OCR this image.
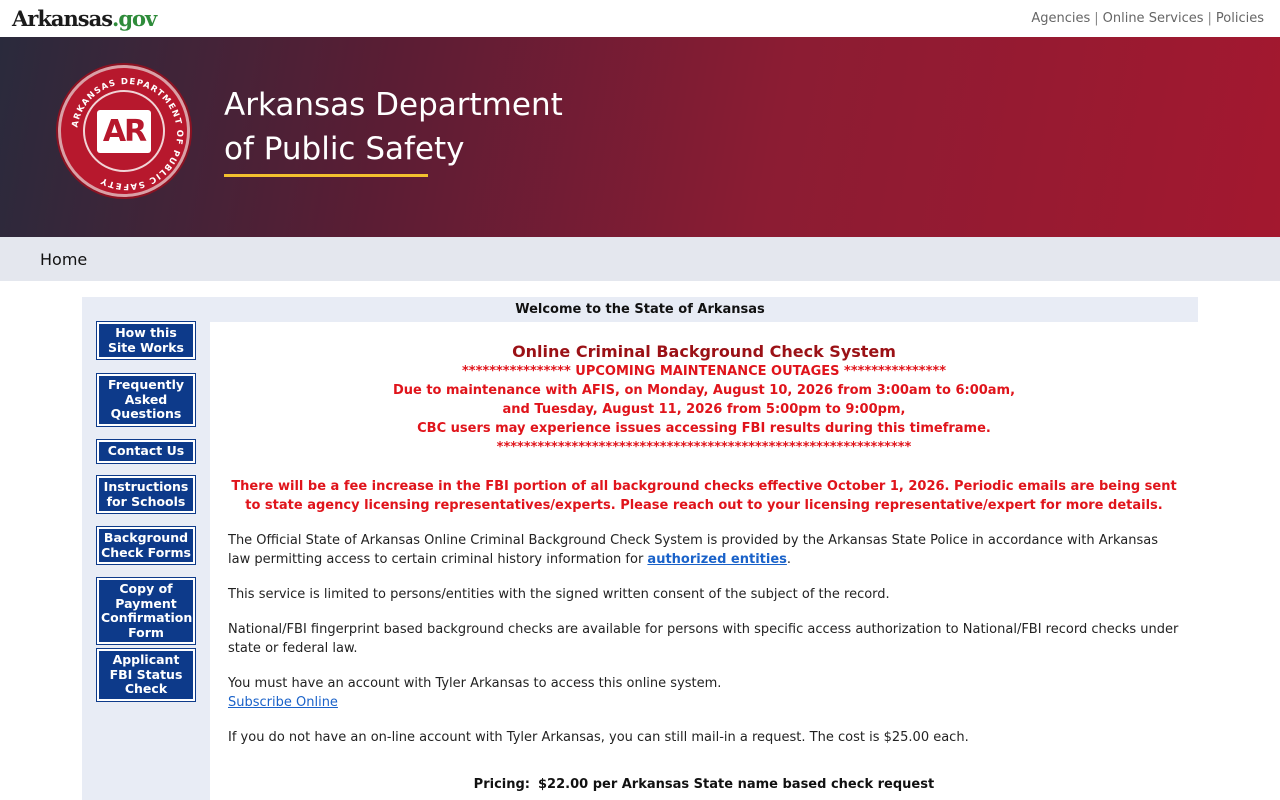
Arkansas .gov	Agencies | Online Services | Policies
ARKANSAS DEPARTMENT OF PUBLIC SAFETY
AR
Arkansas Department
of Public Safety
Home
Welcome to the State of Arkansas
How this Site Works
Frequently Asked Questions
Contact Us
Instructions for Schools
Background Check Forms
Copy of Payment Confirmation Form
Applicant FBI Status Check
Online Criminal Background Check System
**************** UPCOMING MAINTENANCE OUTAGES ***************
Due to maintenance with AFIS, on Monday, August 10, 2026 from 3:00am to 6:00am,
and Tuesday, August 11, 2026 from 5:00pm to 9:00pm,
CBC users may experience issues accessing FBI results during this timeframe.
*************************************************************
There will be a fee increase in the FBI portion of all background checks effective October 1, 2026. Periodic emails are being sent to state agency licensing representatives/experts. Please reach out to your licensing representative/expert for more details.

The Official State of Arkansas Online Criminal Background Check System is provided by the Arkansas State Police in accordance with Arkansas law permitting access to certain criminal history information for authorized entities.

This service is limited to persons/entities with the signed written consent of the subject of the record.

National/FBI fingerprint based background checks are available for persons with specific access authorization to National/FBI record checks under state or federal law.

You must have an account with Tyler Arkansas to access this online system.
Subscribe Online

If you do not have an on-line account with Tyler Arkansas, you can still mail-in a request. The cost is $25.00 each.

Pricing: $22.00 per Arkansas State name based check request
